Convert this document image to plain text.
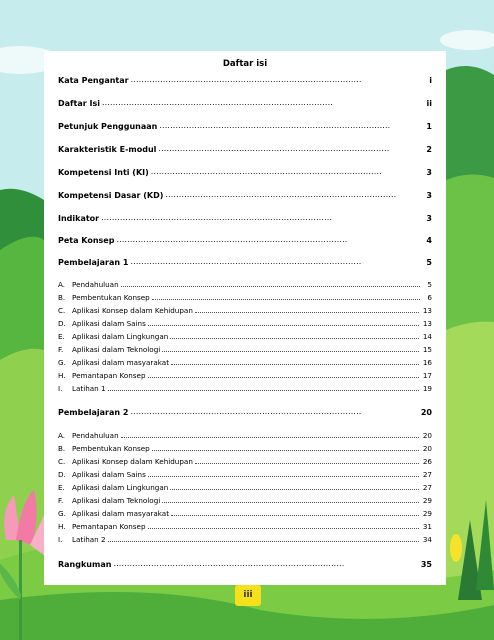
Daftar isi
Kata Pengantar . . .	i
Daftar Isi . . .	ii
Petunjuk Penggunaan . . .	1
Karakteristik E-modul . . .	2
Kompetensi Inti (KI) . . .	3
Kompetensi Dasar (KD) . . .	3
Indikator . . .	3
Peta Konsep . . .	4
Pembelajaran 1 . . .	5
A. Pendahuluan	5
B. Pembentukan Konsep	6
C. Aplikasi Konsep dalam Kehidupan	13
D. Aplikasi dalam Sains	13
E. Aplikasi dalam Lingkungan	14
F.	Aplikasi dalam Teknologi	15
G. Aplikasi dalam masyarakat	16
H. Pemantapan Konsep	17
I.	Latihan 1	19
Pembelajaran 2 . . .	20
A. Pendahuluan	20
B. Pembentukan Konsep	20
C. Aplikasi Konsep dalam Kehidupan	26
D. Aplikasi dalam Sains	27
E. Aplikasi dalam Lingkungan	27
F.	Aplikasi dalam Teknologi	29
G. Aplikasi dalam masyarakat	29
H. Pemantapan Konsep	31
I.	Latihan 2	34
Rangkuman . . .	35
iii
